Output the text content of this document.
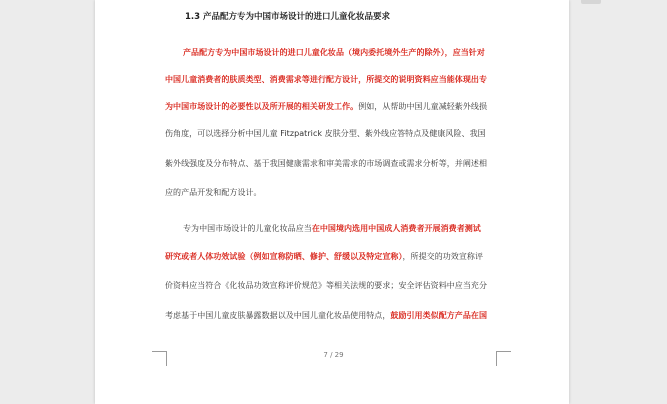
1.3 产品配方专为中国市场设计的进口儿童化妆品要求
产品配方专为中国市场设计的进口儿童化妆品（境内委托境外生产的除外），应当针对
中国儿童消费者的肤质类型、消费需求等进行配方设计，所提交的说明资料应当能体现出专
为中国市场设计的必要性以及所开展的相关研发工作。例如，从帮助中国儿童减轻紫外线损
伤角度，可以选择分析中国儿童 Fitzpatrick 皮肤分型、紫外线应答特点及健康风险、我国
紫外线强度及分布特点、基于我国健康需求和审美需求的市场调查或需求分析等，并阐述相
应的产品开发和配方设计。
专为中国市场设计的儿童化妆品应当在中国境内选用中国成人消费者开展消费者测试
研究或者人体功效试验（例如宣称防晒、修护、舒缓以及特定宣称），所提交的功效宣称评
价资料应当符合《化妆品功效宣称评价规范》等相关法规的要求；安全评估资料中应当充分
考虑基于中国儿童皮肤暴露数据以及中国儿童化妆品使用特点，鼓励引用类似配方产品在国
7 / 29
